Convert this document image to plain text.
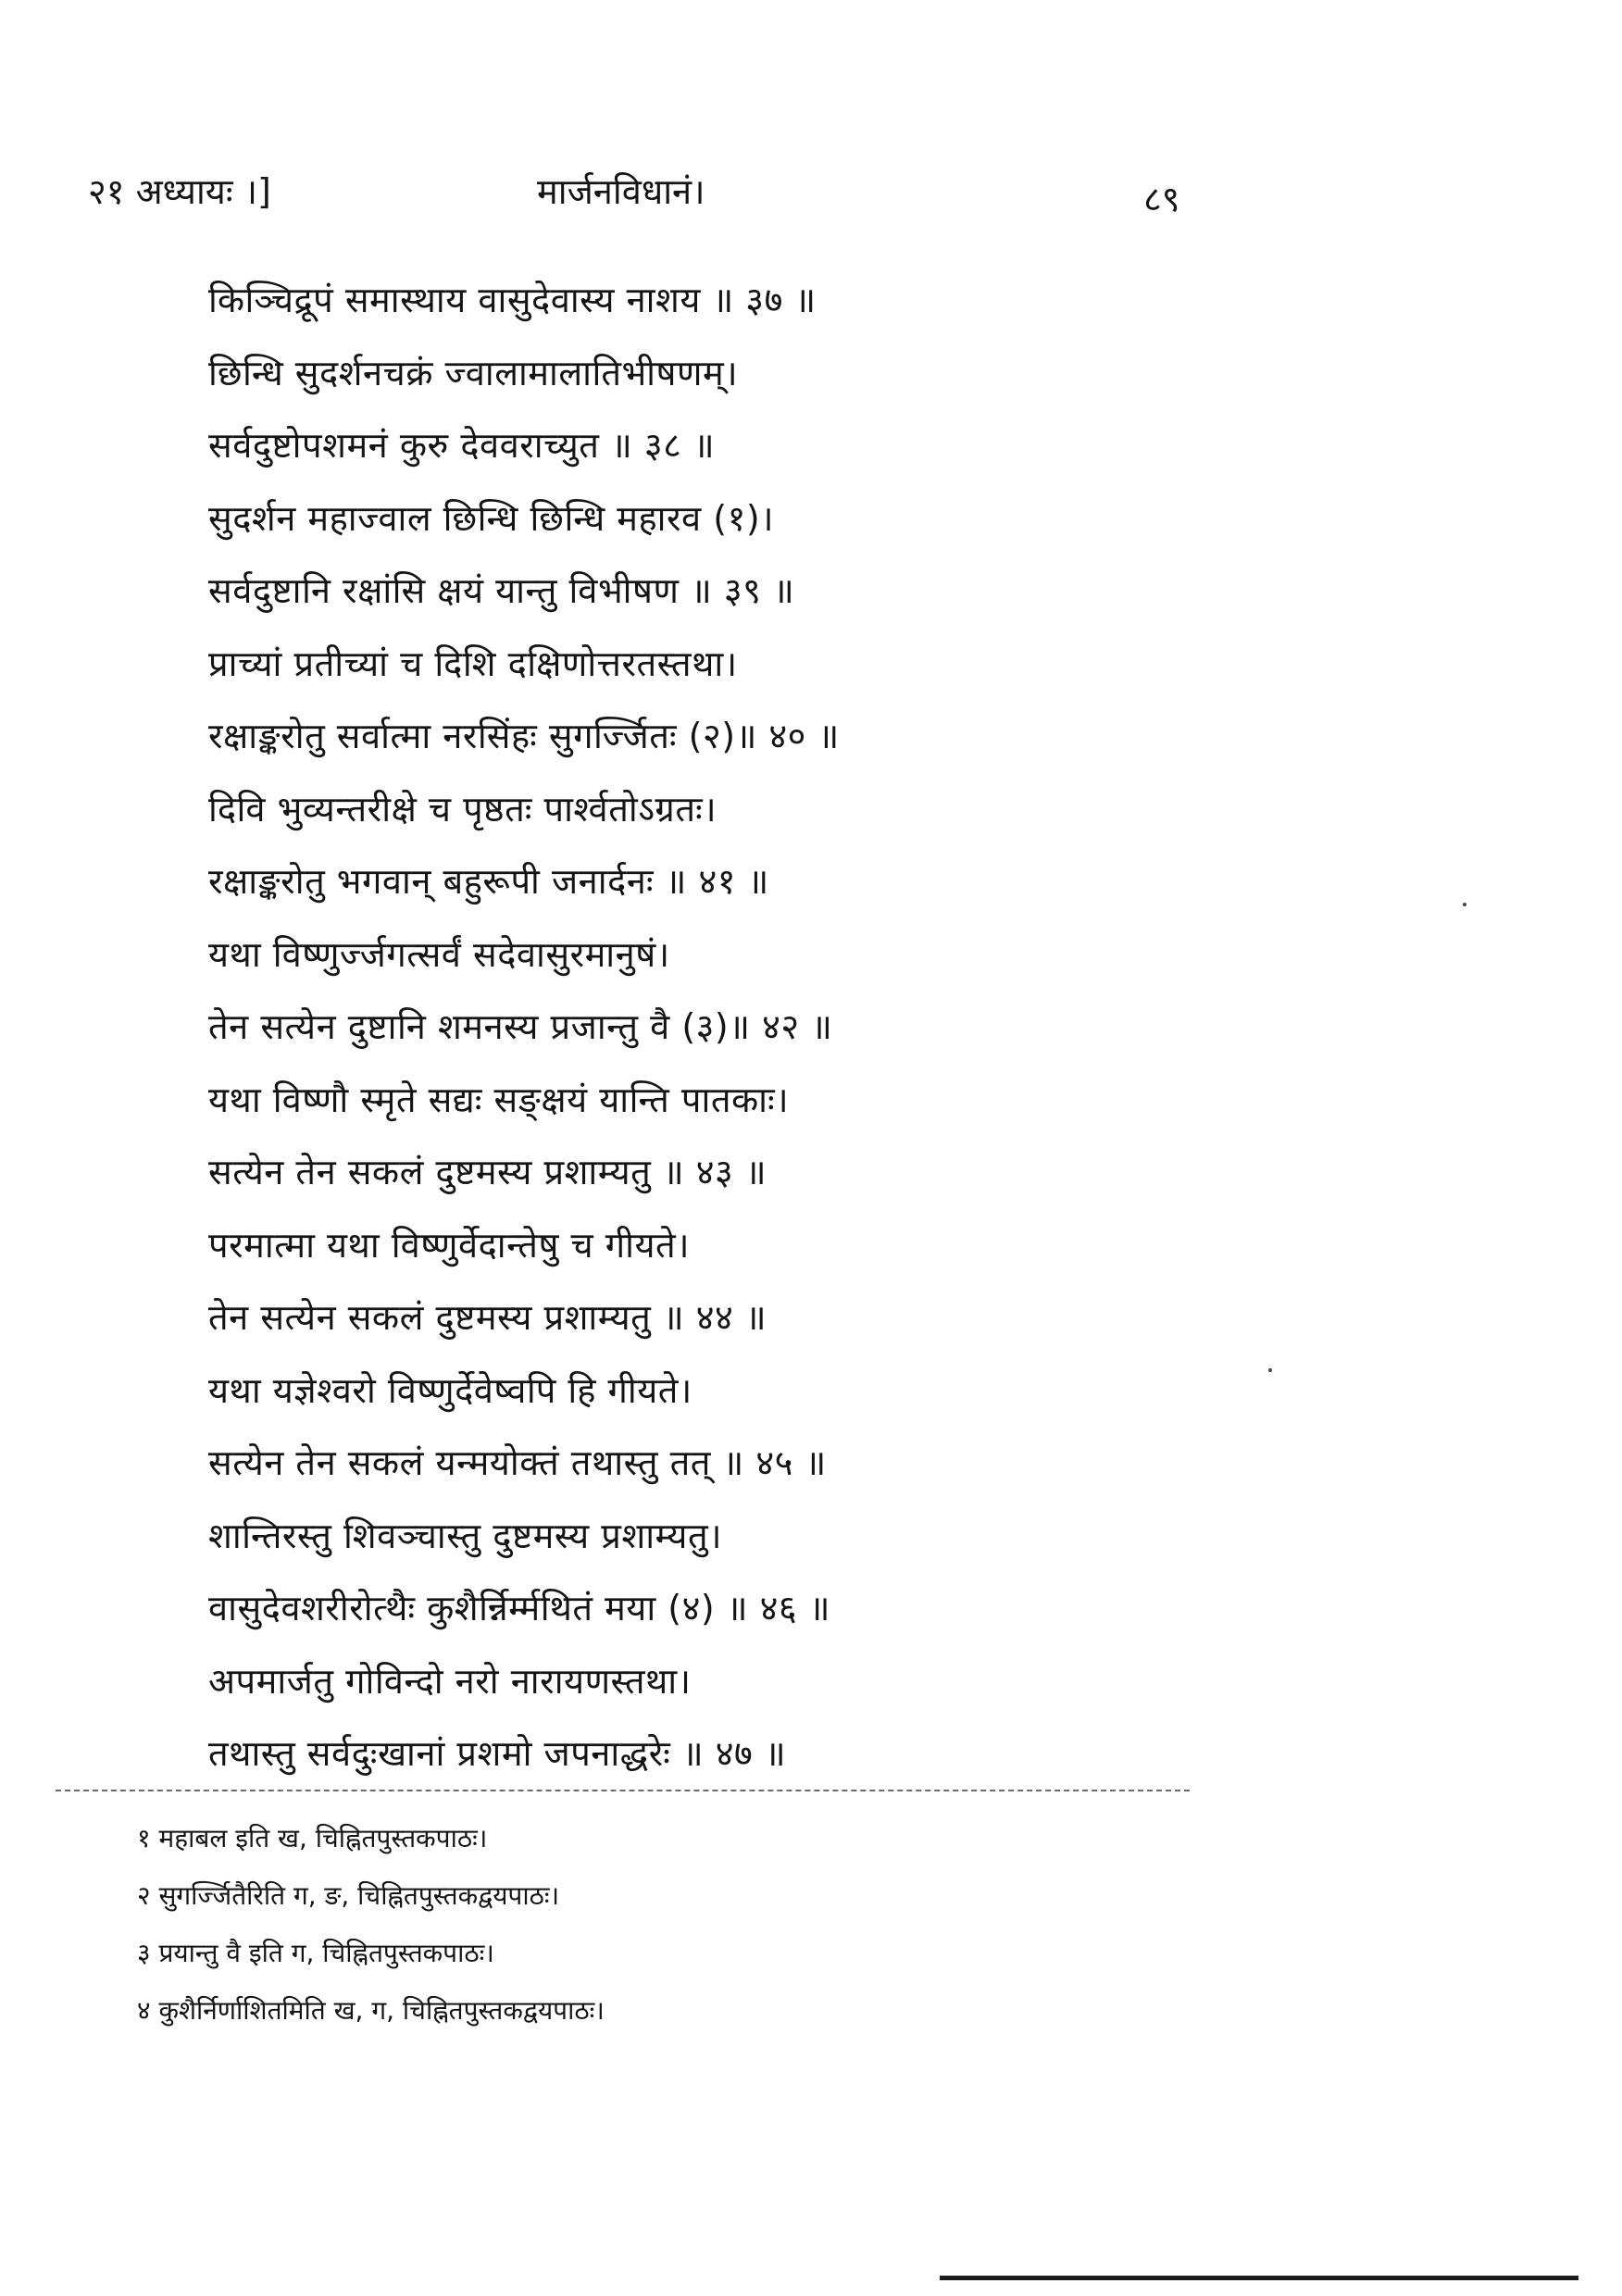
२१ अध्यायः ।]	मार्जनविधानं।	८९
किञ्चिद्रूपं समास्थाय वासुदेवास्य नाशय ॥ ३७ ॥
छिन्धि सुदर्शनचक्रं ज्वालामालातिभीषणम्।
सर्वदुष्टोपशमनं कुरु देववराच्युत ॥ ३८ ॥
सुदर्शन महाज्वाल छिन्धि छिन्धि महारव (१)।
सर्वदुष्टानि रक्षांसि क्षयं यान्तु विभीषण ॥ ३९ ॥
प्राच्यां प्रतीच्यां च दिशि दक्षिणोत्तरतस्तथा।
रक्षाङ्करोतु सर्वात्मा नरसिंहः सुगर्ज्जितः (२)॥ ४० ॥
दिवि भुव्यन्तरीक्षे च पृष्ठतः पार्श्वतोऽग्रतः।
रक्षाङ्करोतु भगवान् बहुरूपी जनार्दनः ॥ ४१ ॥
यथा विष्णुर्ज्जगत्सर्वं सदेवासुरमानुषं।
तेन सत्येन दुष्टानि शमनस्य प्रजान्तु वै (३)॥ ४२ ॥
यथा विष्णौ स्मृते सद्यः सङ्क्षयं यान्ति पातकाः।
सत्येन तेन सकलं दुष्टमस्य प्रशाम्यतु ॥ ४३ ॥
परमात्मा यथा विष्णुर्वेदान्तेषु च गीयते।
तेन सत्येन सकलं दुष्टमस्य प्रशाम्यतु ॥ ४४ ॥
यथा यज्ञेश्वरो विष्णुर्देवेष्वपि हि गीयते।
सत्येन तेन सकलं यन्मयोक्तं तथास्तु तत् ॥ ४५ ॥
शान्तिरस्तु शिवञ्चास्तु दुष्टमस्य प्रशाम्यतु।
वासुदेवशरीरोत्थैः कुशैर्न्निर्म्मथितं मया (४) ॥ ४६ ॥
अपमार्जतु गोविन्दो नरो नारायणस्तथा।
तथास्तु सर्वदुःखानां प्रशमो जपनाद्धरेः ॥ ४७ ॥
१ महाबल इति ख, चिह्नितपुस्तकपाठः।
२ सुगर्ज्जितैरिति ग, ङ, चिह्नितपुस्तकद्वयपाठः।
३ प्रयान्तु वै इति ग, चिह्नितपुस्तकपाठः।
४ कुशैर्निर्णाशितमिति ख, ग, चिह्नितपुस्तकद्वयपाठः।
